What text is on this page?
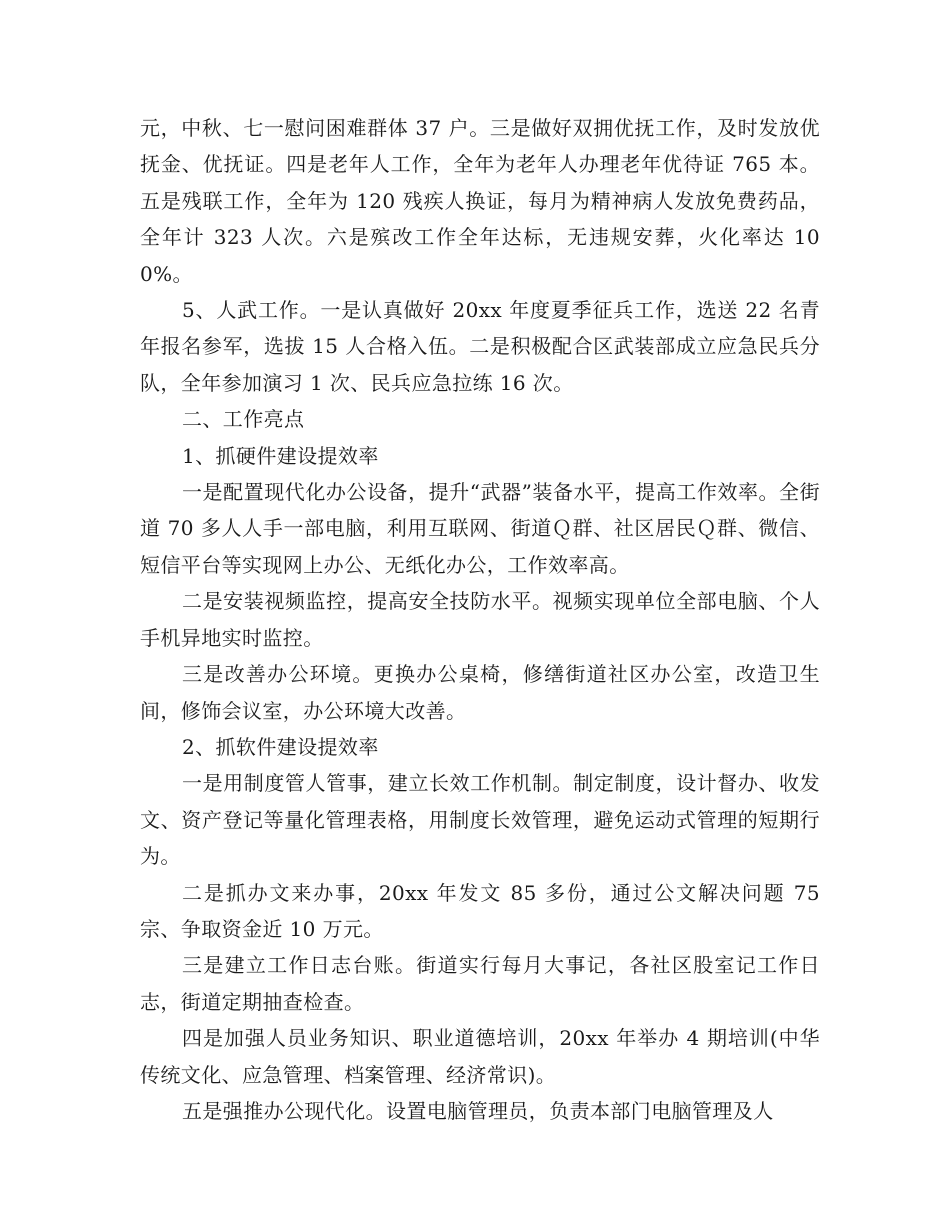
元，中秋、七一慰问困难群体 37 户。三是做好双拥优抚工作，及时发放优抚金、优抚证。四是老年人工作，全年为老年人办理老年优待证 765 本。五是残联工作，全年为 120 残疾人换证，每月为精神病人发放免费药品，全年计 323 人次。六是殡改工作全年达标，无违规安葬，火化率达 100%。

5、人武工作。一是认真做好 20xx 年度夏季征兵工作，选送 22 名青年报名参军，选拔 15 人合格入伍。二是积极配合区武装部成立应急民兵分队，全年参加演习 1 次、民兵应急拉练 16 次。

二、工作亮点

1、抓硬件建设提效率

一是配置现代化办公设备，提升“武器”装备水平，提高工作效率。全街道 70 多人人手一部电脑，利用互联网、街道Ｑ群、社区居民Ｑ群、微信、短信平台等实现网上办公、无纸化办公，工作效率高。

二是安装视频监控，提高安全技防水平。视频实现单位全部电脑、个人手机异地实时监控。

三是改善办公环境。更换办公桌椅，修缮街道社区办公室，改造卫生间，修饰会议室，办公环境大改善。

2、抓软件建设提效率

一是用制度管人管事，建立长效工作机制。制定制度，设计督办、收发文、资产登记等量化管理表格，用制度长效管理，避免运动式管理的短期行为。

二是抓办文来办事，20xx 年发文 85 多份，通过公文解决问题 75 宗、争取资金近 10 万元。

三是建立工作日志台账。街道实行每月大事记，各社区股室记工作日志，街道定期抽查检查。

四是加强人员业务知识、职业道德培训，20xx 年举办 4 期培训(中华传统文化、应急管理、档案管理、经济常识)。

五是强推办公现代化。设置电脑管理员，负责本部门电脑管理及人
